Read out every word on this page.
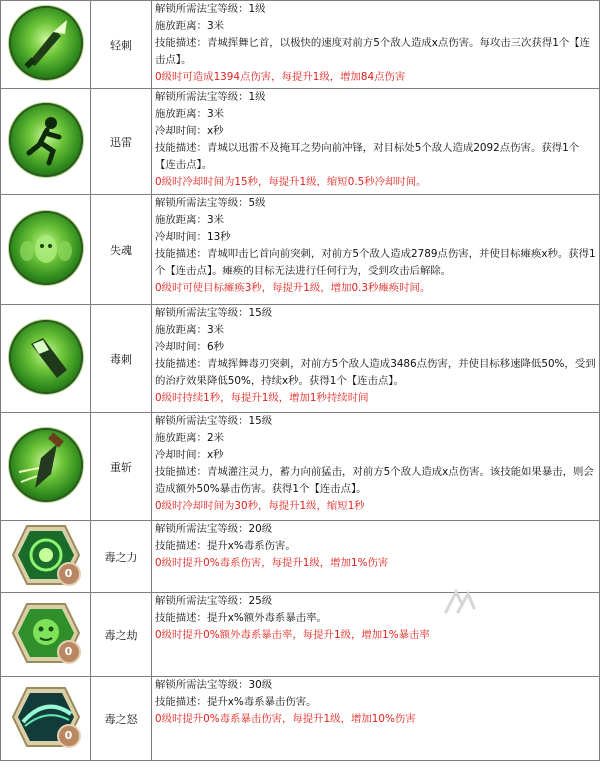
	轻刺	解锁所需法宝等级：1级
施放距离：3米
技能描述：青城挥舞匕首，以极快的速度对前方5个敌人造成x点伤害。每攻击三次获得1个【连击点】。
0级时可造成1394点伤害，每提升1级，增加84点伤害

	迅雷	解锁所需法宝等级：1级
施放距离：3米
冷却时间：x秒
技能描述：青城以迅雷不及掩耳之势向前冲锋，对目标处5个敌人造成2092点伤害。获得1个【连击点】。
0级时冷却时间为15秒，每提升1级，缩短0.5秒冷却时间。

	失魂	解锁所需法宝等级：5级
施放距离：3米
冷却时间：13秒
技能描述：青城叩击匕首向前突刺，对前方5个敌人造成2789点伤害，并使目标瘫痪x秒。获得1个【连击点】。瘫痪的目标无法进行任何行为，受到攻击后解除。
0级时可使目标瘫痪3秒，每提升1级，增加0.3秒瘫痪时间。

	毒刺	解锁所需法宝等级：15级
施放距离：3米
冷却时间：6秒
技能描述：青城挥舞毒刃突刺，对前方5个敌人造成3486点伤害，并使目标移速降低50%，受到的治疗效果降低50%，持续x秒。获得1个【连击点】。
0级时持续1秒，每提升1级，增加1秒持续时间

	重斩	解锁所需法宝等级：15级
施放距离：2米
冷却时间：x秒
技能描述：青城灌注灵力，蓄力向前猛击，对前方5个敌人造成x点伤害。该技能如果暴击，则会造成额外50%暴击伤害。获得1个【连击点】。
0级时冷却时间为30秒，每提升1级，缩短1秒

0	毒之力	解锁所需法宝等级：20级
技能描述：提升x%毒系伤害。
0级时提升0%毒系伤害，每提升1级，增加1%伤害

0	毒之劫	解锁所需法宝等级：25级
技能描述：提升x%额外毒系暴击率。
0级时提升0%额外毒系暴击率，每提升1级，增加1%暴击率

0	毒之怒	解锁所需法宝等级：30级
技能描述：提升x%毒系暴击伤害。
0级时提升0%毒系暴击伤害，每提升1级，增加10%伤害
